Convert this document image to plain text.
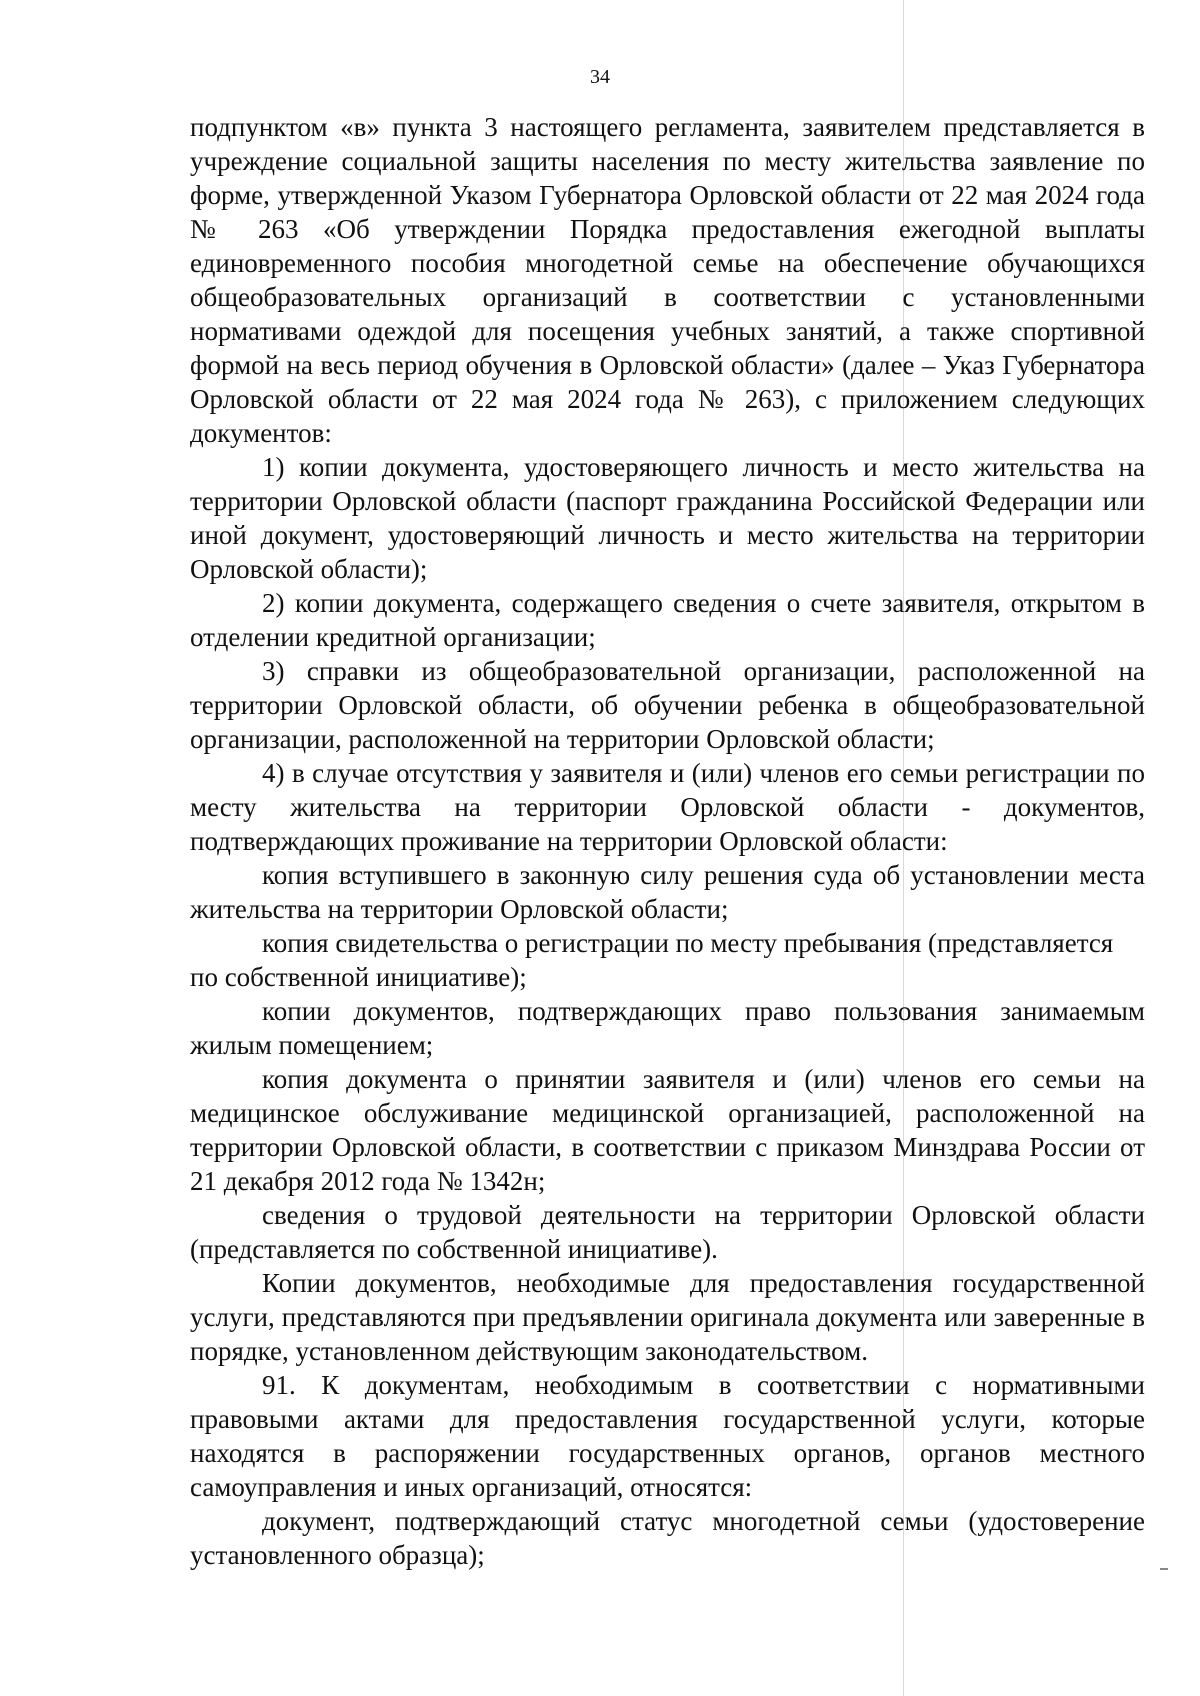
34

подпунктом «в» пункта 3 настоящего регламента, заявителем представляется в учреждение социальной защиты населения по месту жительства заявление по форме, утвержденной Указом Губернатора Орловской области от 22 мая 2024 года № 263 «Об утверждении Порядка предоставления ежегодной выплаты единовременного пособия многодетной семье на обеспечение обучающихся общеобразовательных организаций в соответствии с установленными нормативами одеждой для посещения учебных занятий, а также спортивной формой на весь период обучения в Орловской области» (далее – Указ Губернатора Орловской области от 22 мая 2024 года № 263), с приложением следующих документов:

1) копии документа, удостоверяющего личность и место жительства на территории Орловской области (паспорт гражданина Российской Федерации или иной документ, удостоверяющий личность и место жительства на территории Орловской области);

2) копии документа, содержащего сведения о счете заявителя, открытом в отделении кредитной организации;

3) справки из общеобразовательной организации, расположенной на территории Орловской области, об обучении ребенка в общеобразовательной организации, расположенной на территории Орловской области;

4) в случае отсутствия у заявителя и (или) членов его семьи регистрации по месту жительства на территории Орловской области - документов, подтверждающих проживание на территории Орловской области:

копия вступившего в законную силу решения суда об установлении места жительства на территории Орловской области;

копия свидетельства о регистрации по месту пребывания (представляется

по собственной инициативе);

копии документов, подтверждающих право пользования занимаемым жилым помещением;

копия документа о принятии заявителя и (или) членов его семьи на медицинское обслуживание медицинской организацией, расположенной на территории Орловской области, в соответствии с приказом Минздрава России от 21 декабря 2012 года № 1342н;

сведения о трудовой деятельности на территории Орловской области (представляется по собственной инициативе).

Копии документов, необходимые для предоставления государственной услуги, представляются при предъявлении оригинала документа или заверенные в порядке, установленном действующим законодательством.

91. К документам, необходимым в соответствии с нормативными правовыми актами для предоставления государственной услуги, которые находятся в распоряжении государственных органов, органов местного самоуправления и иных организаций, относятся:

документ, подтверждающий статус многодетной семьи (удостоверение установленного образца);
